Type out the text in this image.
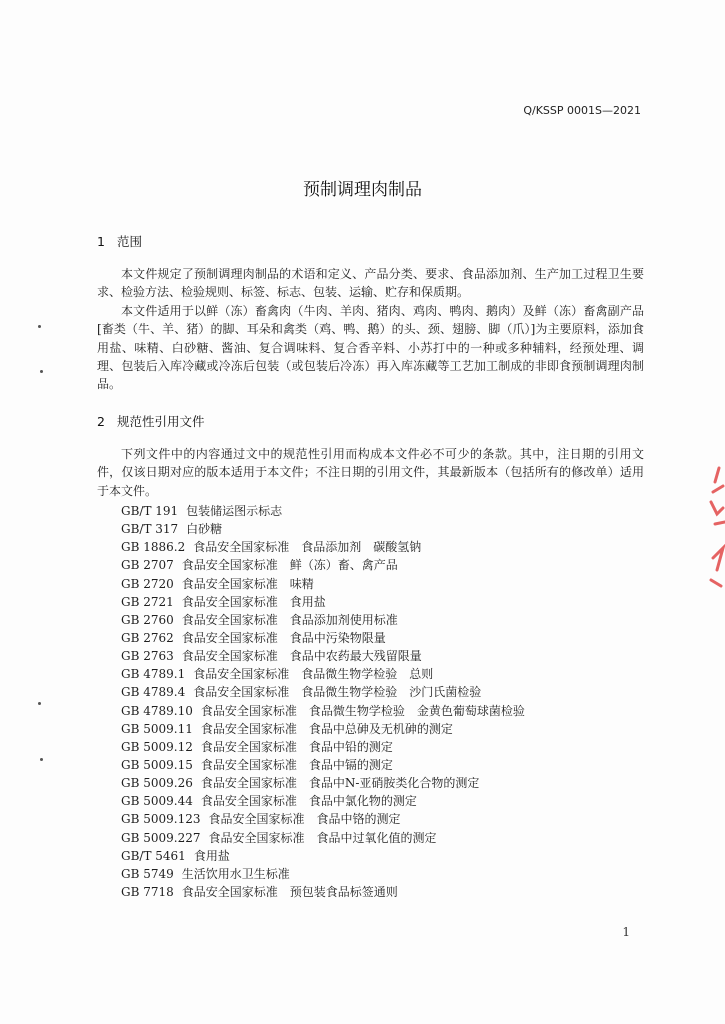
Q/KSSP 0001S—2021
预制调理肉制品
1 范围
本文件规定了预制调理肉制品的术语和定义、产品分类、要求、食品添加剂、生产加工过程卫生要求、检验方法、检验规则、标签、标志、包装、运输、贮存和保质期。
本文件适用于以鲜（冻）畜禽肉（牛肉、羊肉、猪肉、鸡肉、鸭肉、鹅肉）及鲜（冻）畜禽副产品[畜类（牛、羊、猪）的脚、耳朵和禽类（鸡、鸭、鹅）的头、颈、翅膀、脚（爪）]为主要原料，添加食用盐、味精、白砂糖、酱油、复合调味料、复合香辛料、小苏打中的一种或多种辅料，经预处理、调理、包装后入库冷藏或冷冻后包装（或包装后冷冻）再入库冻藏等工艺加工制成的非即食预制调理肉制品。
2 规范性引用文件
下列文件中的内容通过文中的规范性引用而构成本文件必不可少的条款。其中，注日期的引用文件，仅该日期对应的版本适用于本文件；不注日期的引用文件，其最新版本（包括所有的修改单）适用于本文件。
GB/T 191 包装储运图示标志
GB/T 317 白砂糖
GB 1886.2 食品安全国家标准　食品添加剂　碳酸氢钠
GB 2707 食品安全国家标准　鲜（冻）畜、禽产品
GB 2720 食品安全国家标准　味精
GB 2721 食品安全国家标准　食用盐
GB 2760 食品安全国家标准　食品添加剂使用标准
GB 2762 食品安全国家标准　食品中污染物限量
GB 2763 食品安全国家标准　食品中农药最大残留限量
GB 4789.1 食品安全国家标准　食品微生物学检验　总则
GB 4789.4 食品安全国家标准　食品微生物学检验　沙门氏菌检验
GB 4789.10 食品安全国家标准　食品微生物学检验　金黄色葡萄球菌检验
GB 5009.11 食品安全国家标准　食品中总砷及无机砷的测定
GB 5009.12 食品安全国家标准　食品中铅的测定
GB 5009.15 食品安全国家标准　食品中镉的测定
GB 5009.26 食品安全国家标准　食品中N-亚硝胺类化合物的测定
GB 5009.44 食品安全国家标准　食品中氯化物的测定
GB 5009.123 食品安全国家标准　食品中铬的测定
GB 5009.227 食品安全国家标准　食品中过氧化值的测定
GB/T 5461 食用盐
GB 5749 生活饮用水卫生标准
GB 7718 食品安全国家标准　预包装食品标签通则
1
